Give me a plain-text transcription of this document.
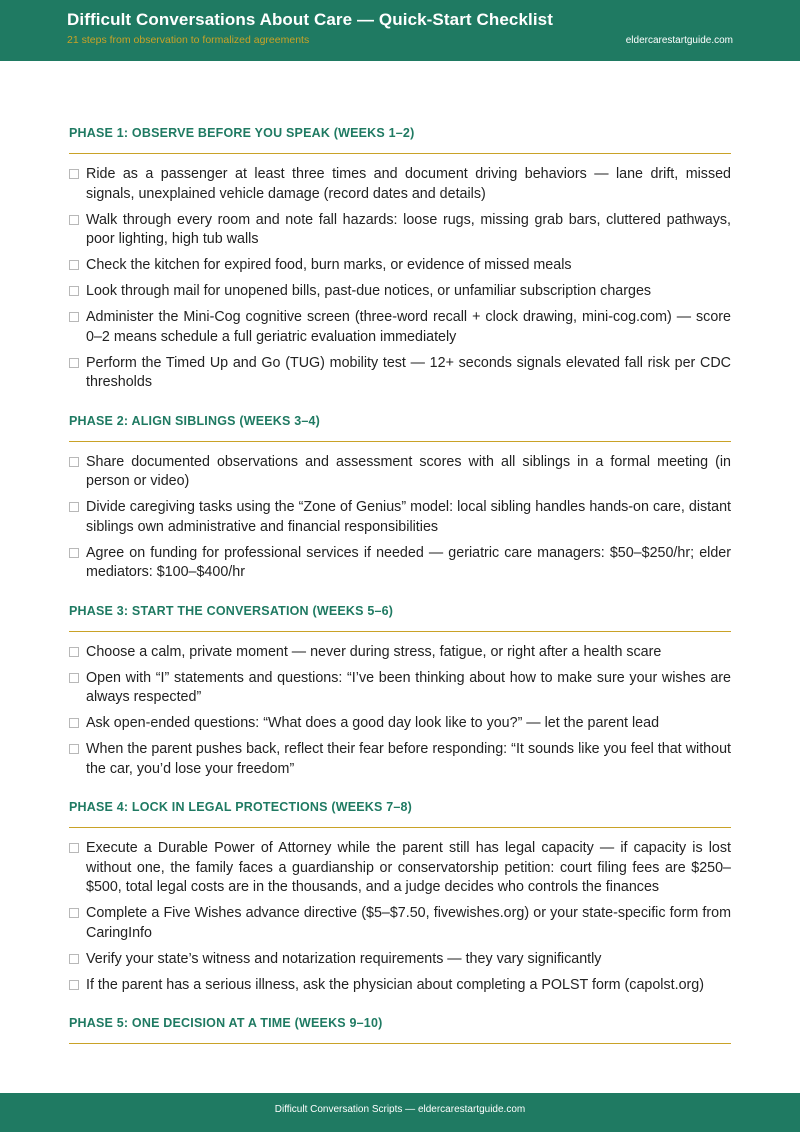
Difficult Conversations About Care — Quick-Start Checklist
21 steps from observation to formalized agreements	eldercarestartguide.com
PHASE 1: OBSERVE BEFORE YOU SPEAK (WEEKS 1–2)
Ride as a passenger at least three times and document driving behaviors — lane drift, missed signals, unexplained vehicle damage (record dates and details)
Walk through every room and note fall hazards: loose rugs, missing grab bars, cluttered pathways, poor lighting, high tub walls
Check the kitchen for expired food, burn marks, or evidence of missed meals
Look through mail for unopened bills, past-due notices, or unfamiliar subscription charges
Administer the Mini-Cog cognitive screen (three-word recall + clock drawing, mini-cog.com) — score 0–2 means schedule a full geriatric evaluation immediately
Perform the Timed Up and Go (TUG) mobility test — 12+ seconds signals elevated fall risk per CDC thresholds
PHASE 2: ALIGN SIBLINGS (WEEKS 3–4)
Share documented observations and assessment scores with all siblings in a formal meeting (in person or video)
Divide caregiving tasks using the “Zone of Genius” model: local sibling handles hands-on care, distant siblings own administrative and financial responsibilities
Agree on funding for professional services if needed — geriatric care managers: $50–$250/hr; elder mediators: $100–$400/hr
PHASE 3: START THE CONVERSATION (WEEKS 5–6)
Choose a calm, private moment — never during stress, fatigue, or right after a health scare
Open with “I” statements and questions: “I’ve been thinking about how to make sure your wishes are always respected”
Ask open-ended questions: “What does a good day look like to you?” — let the parent lead
When the parent pushes back, reflect their fear before responding: “It sounds like you feel that without the car, you’d lose your freedom”
PHASE 4: LOCK IN LEGAL PROTECTIONS (WEEKS 7–8)
Execute a Durable Power of Attorney while the parent still has legal capacity — if capacity is lost without one, the family faces a guardianship or conservatorship petition: court filing fees are $250–$500, total legal costs are in the thousands, and a judge decides who controls the finances
Complete a Five Wishes advance directive ($5–$7.50, fivewishes.org) or your state-specific form from CaringInfo
Verify your state’s witness and notarization requirements — they vary significantly
If the parent has a serious illness, ask the physician about completing a POLST form (capolst.org)
PHASE 5: ONE DECISION AT A TIME (WEEKS 9–10)
Difficult Conversation Scripts — eldercarestartguide.com
